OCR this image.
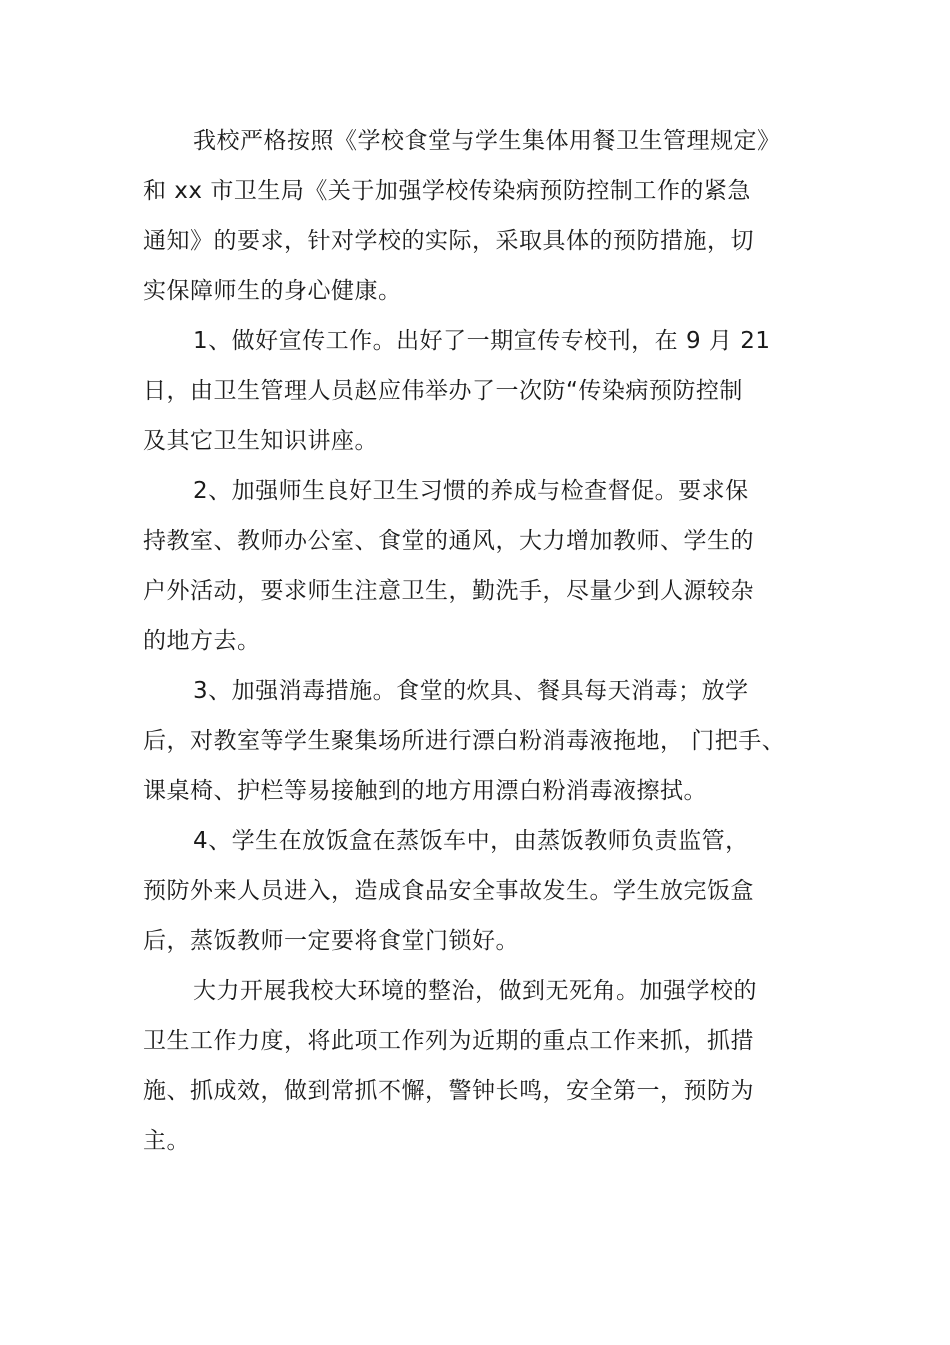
我校严格按照《学校食堂与学生集体用餐卫生管理规定》
和 xx 市卫生局《关于加强学校传染病预防控制工作的紧急
通知》的要求，针对学校的实际，采取具体的预防措施，切
实保障师生的身心健康。
1、做好宣传工作。出好了一期宣传专校刊，在 9 月 21
日，由卫生管理人员赵应伟举办了一次防“传染病预防控制
及其它卫生知识讲座。
2、加强师生良好卫生习惯的养成与检查督促。要求保
持教室、教师办公室、食堂的通风，大力增加教师、学生的
户外活动，要求师生注意卫生，勤洗手，尽量少到人源较杂
的地方去。
3、加强消毒措施。食堂的炊具、餐具每天消毒；放学
后，对教室等学生聚集场所进行漂白粉消毒液拖地， 门把手、
课桌椅、护栏等易接触到的地方用漂白粉消毒液擦拭。
4、学生在放饭盒在蒸饭车中，由蒸饭教师负责监管，
预防外来人员进入，造成食品安全事故发生。学生放完饭盒
后，蒸饭教师一定要将食堂门锁好。
大力开展我校大环境的整治，做到无死角。加强学校的
卫生工作力度，将此项工作列为近期的重点工作来抓，抓措
施、抓成效，做到常抓不懈，警钟长鸣，安全第一，预防为
主。
